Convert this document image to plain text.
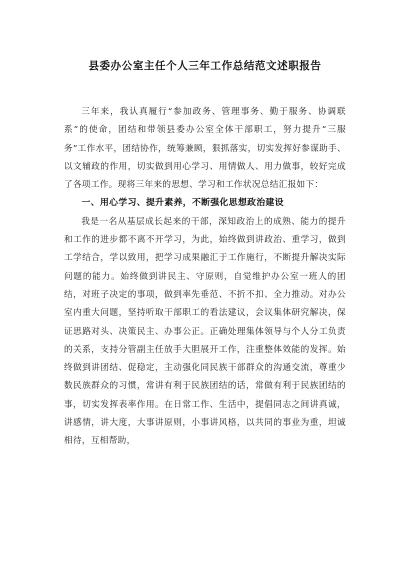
县委办公室主任个人三年工作总结范文述职报告

三年来，我认真履行“参加政务、管理事务、勤于服务、协调联系”的使命，团结和带领县委办公室全体干部职工，努力提升“三服务”工作水平，团结协作，统筹兼顾，狠抓落实，切实发挥好参谋助手、以文辅政的作用，切实做到用心学习、用情做人、用力做事，较好完成了各项工作。现将三年来的思想、学习和工作状况总结汇报如下：

一、用心学习、提升素养，不断强化思想政治建设

我是一名从基层成长起来的干部，深知政治上的成熟、能力的提升和工作的进步都不离不开学习，为此，始终做到讲政治、重学习，做到工学结合，学以致用，把学习成果融汇于工作施行，不断提升解决实际问题的能力。始终做到讲民主、守原则，自觉维护办公室一班人的团结，对班子决定的事项，做到率先垂范、不折不扣、全力推动。对办公室内重大问题，坚持听取干部职工的看法建议，会议集体研究解决，保证思路对头、决策民主、办事公正。正确处理集体领导与个人分工负责的关系，支持分管副主任放手大胆展开工作，注重整体效能的发挥。始终做到讲团结、促稳定，主动强化同民族干部群众的沟通交流，尊重少数民族群众的习惯，常讲有利于民族团结的话，常做有利于民族团结的事，切实发挥表率作用。在日常工作、生活中，提倡同志之间讲真诚，讲感情，讲大度，大事讲原则，小事讲风格，以共同的事业为重，坦诚相待，互相帮助，
